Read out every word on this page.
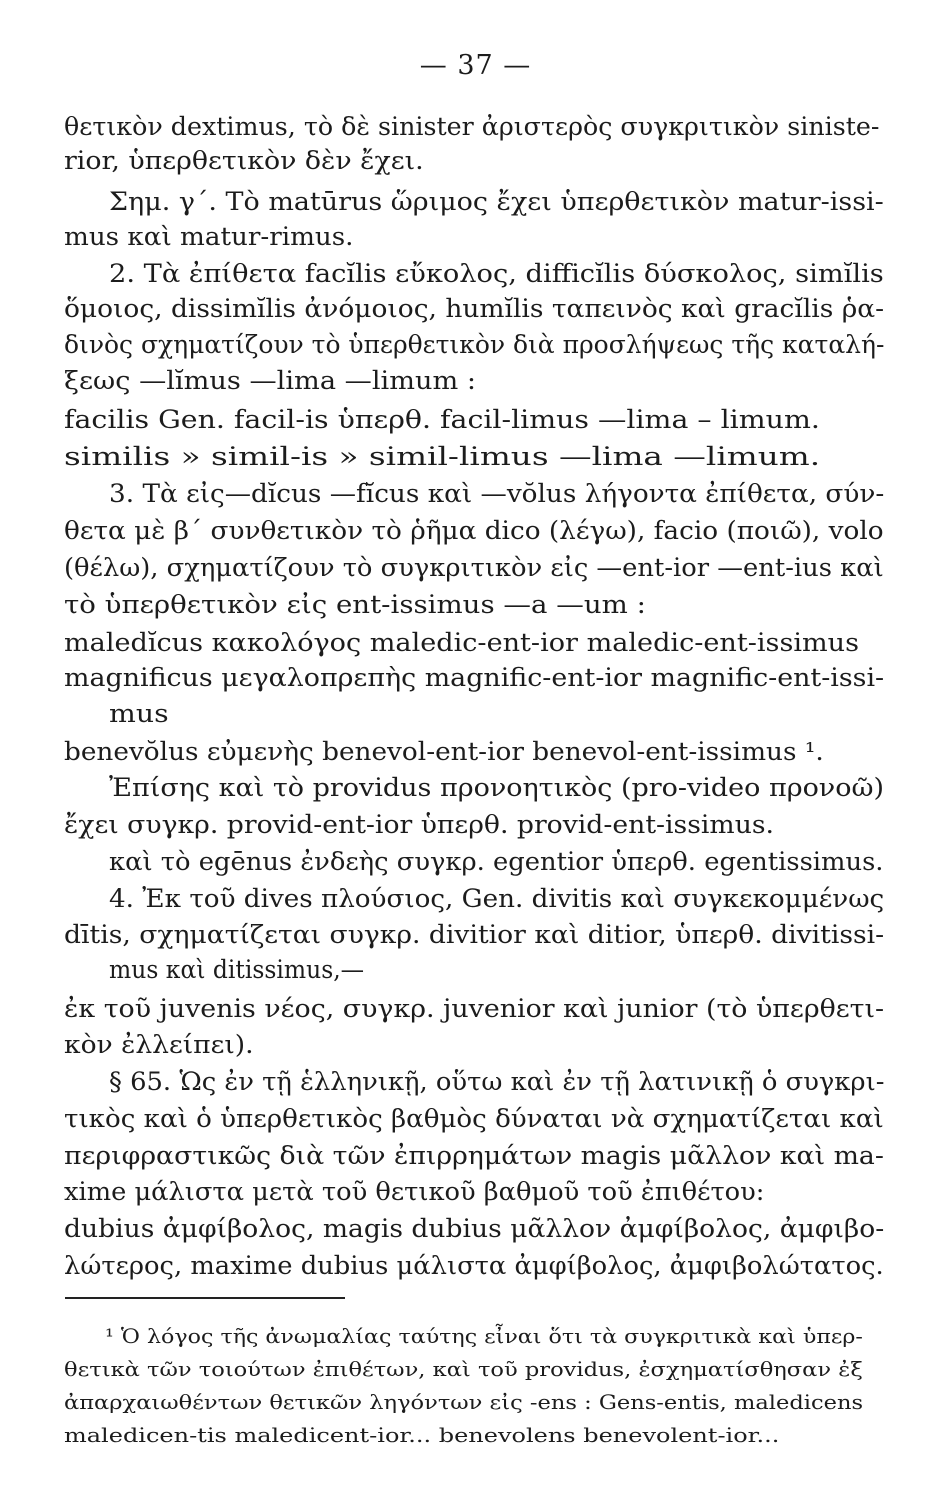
— 37 —
θετικὸν dextimus, τὸ δὲ sinister ἀριστερὸς συγκριτικὸν siniste-
rior, ὑπερθετικὸν δὲν ἔχει.
Σημ. γ΄. Τὸ matūrus ὥριμος ἔχει ὑπερθετικὸν matur-issi-
mus καὶ matur-rimus.
2. Τὰ ἐπίθετα facĭlis εὔκολος, difficĭlis δύσκολος, simĭlis
ὅμοιος, dissimĭlis ἀνόμοιος, humĭlis ταπεινὸς καὶ gracĭlis ῥα-
δινὸς σχηματίζουν τὸ ὑπερθετικὸν διὰ προσλήψεως τῆς καταλή-
ξεως —lĭmus —lima —limum :
facilis Gen. facil-is ὑπερθ. facil-limus —lima – limum.
similis » simil-is » simil-limus —lima —limum.
3. Τὰ εἰς—dĭcus —fĭcus καὶ —vŏlus λήγοντα ἐπίθετα, σύν-
θετα μὲ β΄ συνθετικὸν τὸ ῥῆμα dico (λέγω), facio (ποιῶ), volo
(θέλω), σχηματίζουν τὸ συγκριτικὸν εἰς —ent-ior —ent-ius καὶ
τὸ ὑπερθετικὸν εἰς ent-issimus —a —um :
maledĭcus κακολόγος maledic-ent-ior maledic-ent-issimus
magnificus μεγαλοπρεπὴς magnific-ent-ior magnific-ent-issi-
mus
benevŏlus εὐμενὴς benevol-ent-ior benevol-ent-issimus ¹.
Ἐπίσης καὶ τὸ providus προνοητικὸς (pro-video προνοῶ)
ἔχει συγκρ. provid-ent-ior ὑπερθ. provid-ent-issimus.
καὶ τὸ egēnus ἐνδεὴς συγκρ. egentior ὑπερθ. egentissimus.
4. Ἐκ τοῦ dives πλούσιος, Gen. divitis καὶ συγκεκομμένως
dītis, σχηματίζεται συγκρ. divitior καὶ ditior, ὑπερθ. divitissi-
mus καὶ ditissimus,—
ἐκ τοῦ juvenis νέος, συγκρ. juvenior καὶ junior (τὸ ὑπερθετι-
κὸν ἐλλείπει).
§ 65. Ὡς ἐν τῇ ἑλληνικῇ, οὕτω καὶ ἐν τῇ λατινικῇ ὁ συγκρι-
τικὸς καὶ ὁ ὑπερθετικὸς βαθμὸς δύναται νὰ σχηματίζεται καὶ
περιφραστικῶς διὰ τῶν ἐπιρρημάτων magis μᾶλλον καὶ ma-
xime μάλιστα μετὰ τοῦ θετικοῦ βαθμοῦ τοῦ ἐπιθέτου:
dubius ἀμφίβολος, magis dubius μᾶλλον ἀμφίβολος, ἀμφιβο-
λώτερος, maxime dubius μάλιστα ἀμφίβολος, ἀμφιβολώτατος.
¹ Ὁ λόγος τῆς ἀνωμαλίας ταύτης εἶναι ὅτι τὰ συγκριτικὰ καὶ ὑπερ-
θετικὰ τῶν τοιούτων ἐπιθέτων, καὶ τοῦ providus, ἐσχηματίσθησαν ἐξ
ἀπαρχαιωθέντων θετικῶν ληγόντων εἰς -ens : Gens-entis, maledicens
maledicen-tis maledicent-ior... benevolens benevolent-ior...
